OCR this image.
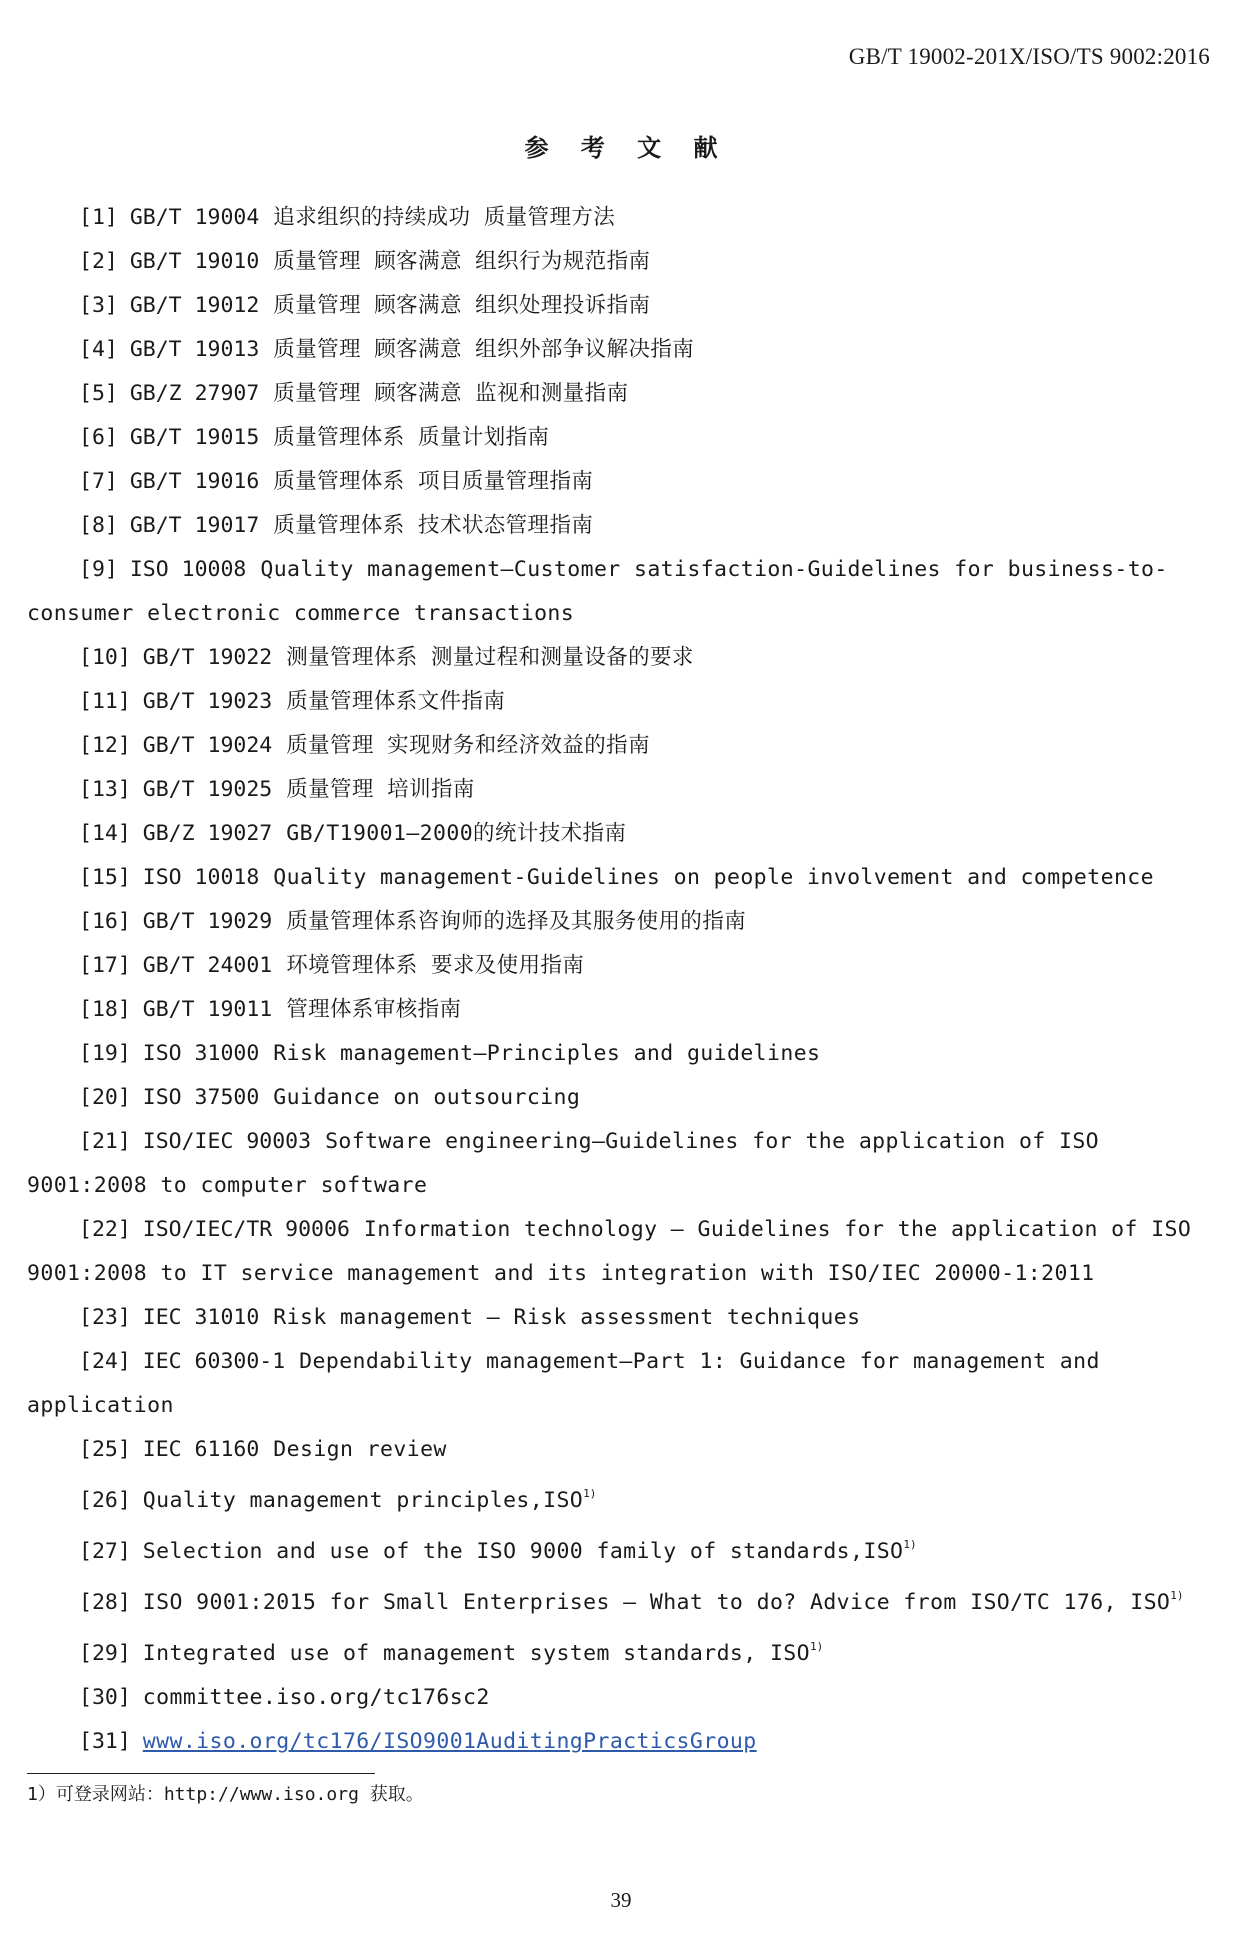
GB/T 19002-201X/ISO/TS 9002:2016
参 考 文 献
[1] GB/T 19004 追求组织的持续成功 质量管理方法
[2] GB/T 19010 质量管理 顾客满意 组织行为规范指南
[3] GB/T 19012 质量管理 顾客满意 组织处理投诉指南
[4] GB/T 19013 质量管理 顾客满意 组织外部争议解决指南
[5] GB/Z 27907 质量管理 顾客满意 监视和测量指南
[6] GB/T 19015 质量管理体系 质量计划指南
[7] GB/T 19016 质量管理体系 项目质量管理指南
[8] GB/T 19017 质量管理体系 技术状态管理指南
[9] ISO 10008 Quality management—Customer satisfaction-Guidelines for business-to-consumer electronic commerce transactions
[10] GB/T 19022 测量管理体系 测量过程和测量设备的要求
[11] GB/T 19023 质量管理体系文件指南
[12] GB/T 19024 质量管理 实现财务和经济效益的指南
[13] GB/T 19025 质量管理 培训指南
[14] GB/Z 19027 GB/T19001—2000的统计技术指南
[15] ISO 10018 Quality management-Guidelines on people involvement and competence
[16] GB/T 19029 质量管理体系咨询师的选择及其服务使用的指南
[17] GB/T 24001 环境管理体系 要求及使用指南
[18] GB/T 19011 管理体系审核指南
[19] ISO 31000 Risk management—Principles and guidelines
[20] ISO 37500 Guidance on outsourcing
[21] ISO/IEC 90003 Software engineering—Guidelines for the application of ISO 9001:2008 to computer software
[22] ISO/IEC/TR 90006 Information technology — Guidelines for the application of ISO 9001:2008 to IT service management and its integration with ISO/IEC 20000-1:2011
[23] IEC 31010 Risk management — Risk assessment techniques
[24] IEC 60300-1 Dependability management—Part 1: Guidance for management and application
[25] IEC 61160 Design review
[26] Quality management principles,ISO$^{1)}$
[27] Selection and use of the ISO 9000 family of standards,ISO$^{1)}$
[28] ISO 9001:2015 for Small Enterprises — What to do? Advice from ISO/TC 176, ISO$^{1)}$
[29] Integrated use of management system standards, ISO$^{1)}$
[30] committee.iso.org/tc176sc2
[31] www.iso.org/tc176/ISO9001AuditingPracticsGroup
1）可登录网站：http://www.iso.org 获取。
39
